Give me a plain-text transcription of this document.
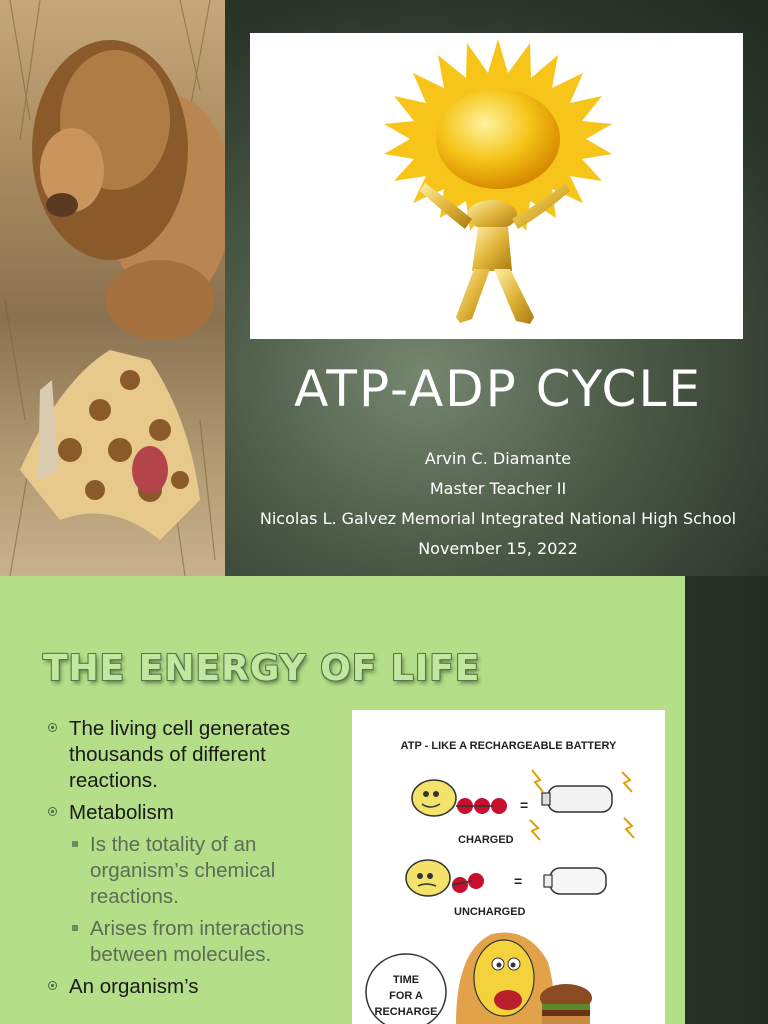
ATP-ADP CYCLE
Arvin C. Diamante
Master Teacher II
Nicolas L. Galvez Memorial Integrated National High School
November 15, 2022
THE ENERGY OF LIFE
The living cell generates thousands of different reactions.
Metabolism
Is the totality of an organism’s chemical reactions.
Arises from interactions between molecules.
An organism’s
ATP - LIKE A RECHARGEABLE BATTERY
=
=
CHARGED
UNCHARGED
TIME
FOR A
RECHARGE
